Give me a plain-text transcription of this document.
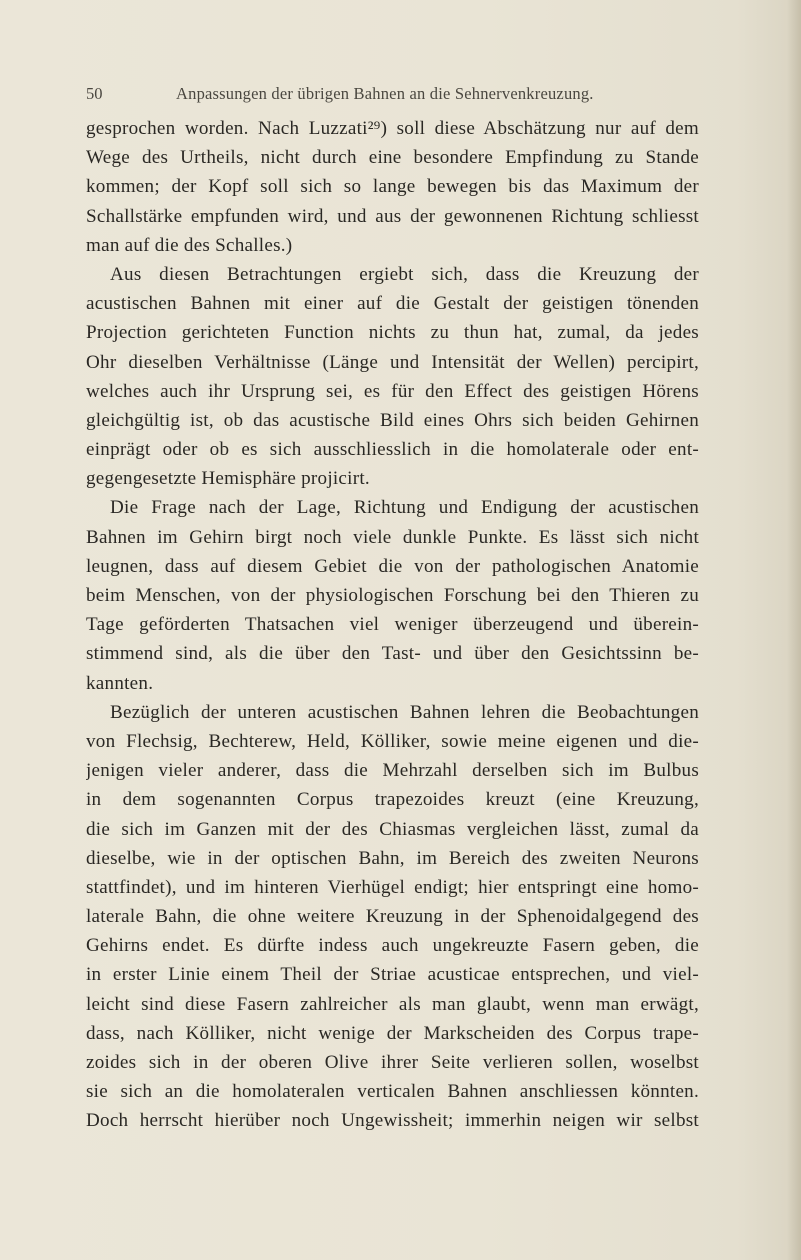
50	Anpassungen der übrigen Bahnen an die Sehnervenkreuzung.
gesprochen worden. Nach Luzzati²⁹) soll diese Abschätzung nur auf dem
Wege des Urtheils, nicht durch eine besondere Empfindung zu Stande
kommen; der Kopf soll sich so lange bewegen bis das Maximum der
Schallstärke empfunden wird, und aus der gewonnenen Richtung schliesst
man auf die des Schalles.)
Aus diesen Betrachtungen ergiebt sich, dass die Kreuzung der
acustischen Bahnen mit einer auf die Gestalt der geistigen tönenden
Projection gerichteten Function nichts zu thun hat, zumal, da jedes
Ohr dieselben Verhältnisse (Länge und Intensität der Wellen) percipirt,
welches auch ihr Ursprung sei, es für den Effect des geistigen Hörens
gleichgültig ist, ob das acustische Bild eines Ohrs sich beiden Gehirnen
einprägt oder ob es sich ausschliesslich in die homolaterale oder ent-
gegengesetzte Hemisphäre projicirt.
Die Frage nach der Lage, Richtung und Endigung der acustischen
Bahnen im Gehirn birgt noch viele dunkle Punkte. Es lässt sich nicht
leugnen, dass auf diesem Gebiet die von der pathologischen Anatomie
beim Menschen, von der physiologischen Forschung bei den Thieren zu
Tage geförderten Thatsachen viel weniger überzeugend und überein-
stimmend sind, als die über den Tast- und über den Gesichtssinn be-
kannten.
Bezüglich der unteren acustischen Bahnen lehren die Beobachtungen
von Flechsig, Bechterew, Held, Kölliker, sowie meine eigenen und die-
jenigen vieler anderer, dass die Mehrzahl derselben sich im Bulbus
in dem sogenannten Corpus trapezoides kreuzt (eine Kreuzung,
die sich im Ganzen mit der des Chiasmas vergleichen lässt, zumal da
dieselbe, wie in der optischen Bahn, im Bereich des zweiten Neurons
stattfindet), und im hinteren Vierhügel endigt; hier entspringt eine homo-
laterale Bahn, die ohne weitere Kreuzung in der Sphenoidalgegend des
Gehirns endet. Es dürfte indess auch ungekreuzte Fasern geben, die
in erster Linie einem Theil der Striae acusticae entsprechen, und viel-
leicht sind diese Fasern zahlreicher als man glaubt, wenn man erwägt,
dass, nach Kölliker, nicht wenige der Markscheiden des Corpus trape-
zoides sich in der oberen Olive ihrer Seite verlieren sollen, woselbst
sie sich an die homolateralen verticalen Bahnen anschliessen könnten.
Doch herrscht hierüber noch Ungewissheit; immerhin neigen wir selbst
